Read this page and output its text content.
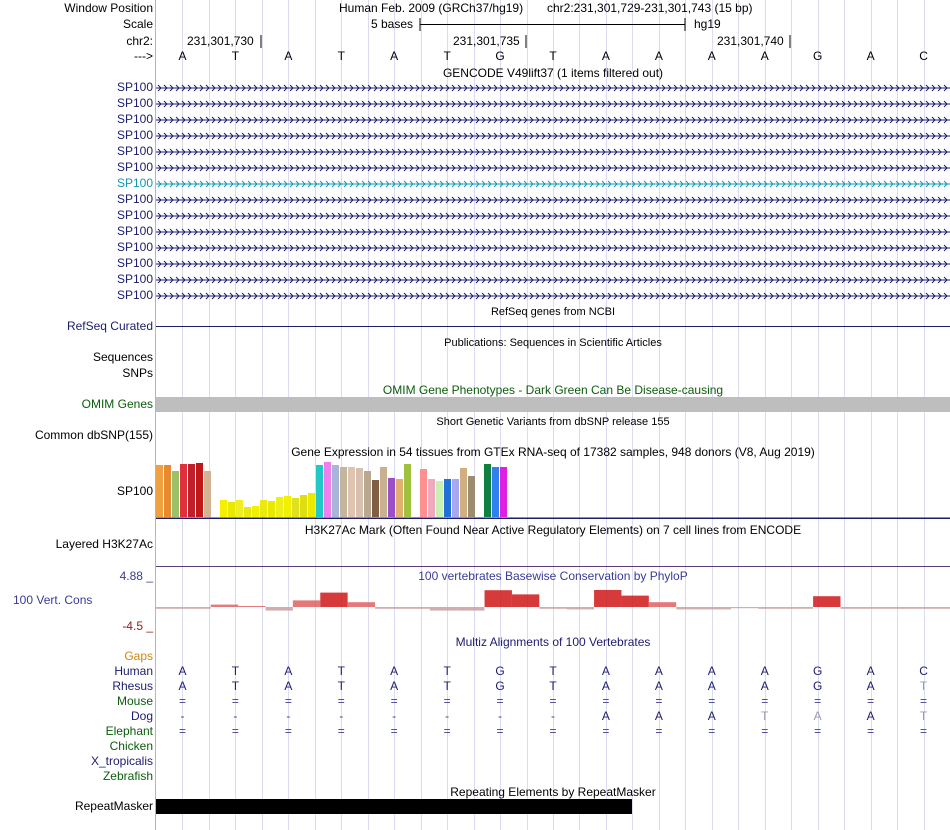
Window Position	Human Feb. 2009 (GRCh37/hg19) chr2:231,301,729-231,301,743 (15 bp)
Scale	5 bases	hg19
chr2:	231,301,730	231,301,735	231,301,740
--->
GENCODE V49lift37 (1 items filtered out)
RefSeq genes from NCBI
RefSeq Curated
Publications: Sequences in Scientific Articles
Sequences
SNPs
OMIM Gene Phenotypes - Dark Green Can Be Disease-causing
OMIM Genes
Short Genetic Variants from dbSNP release 155
Common dbSNP(155)
Gene Expression in 54 tissues from GTEx RNA-seq of 17382 samples, 948 donors (V8, Aug 2019)
SP100
H3K27Ac Mark (Often Found Near Active Regulatory Elements) on 7 cell lines from ENCODE
Layered H3K27Ac
4.88 _	100 vertebrates Basewise Conservation by PhyloP
100 Vert. Cons
-4.5 _
Multiz Alignments of 100 Vertebrates
Gaps
Repeating Elements by RepeatMasker
RepeatMasker
A	T	A	T	A	T	G	T	A	A	A	A	G	A	C
SP100
SP100
SP100
SP100
SP100
SP100
SP100
SP100
SP100
SP100
SP100
SP100
SP100
SP100
Human	A	T	A	T	A	T	G	T	A	A	A	A	G	A	C
Rhesus	A	T	A	T	A	T	G	T	A	A	A	A	G	A	T
Mouse	=	=	=	=	=	=	=	=	=	=	=	=	=	=	=
Dog	-	-	-	-	-	-	-	-	A	A	A	T	A	A	T
Elephant	=	=	=	=	=	=	=	=	=	=	=	=	=	=	=
Chicken
X_tropicalis
Zebrafish
